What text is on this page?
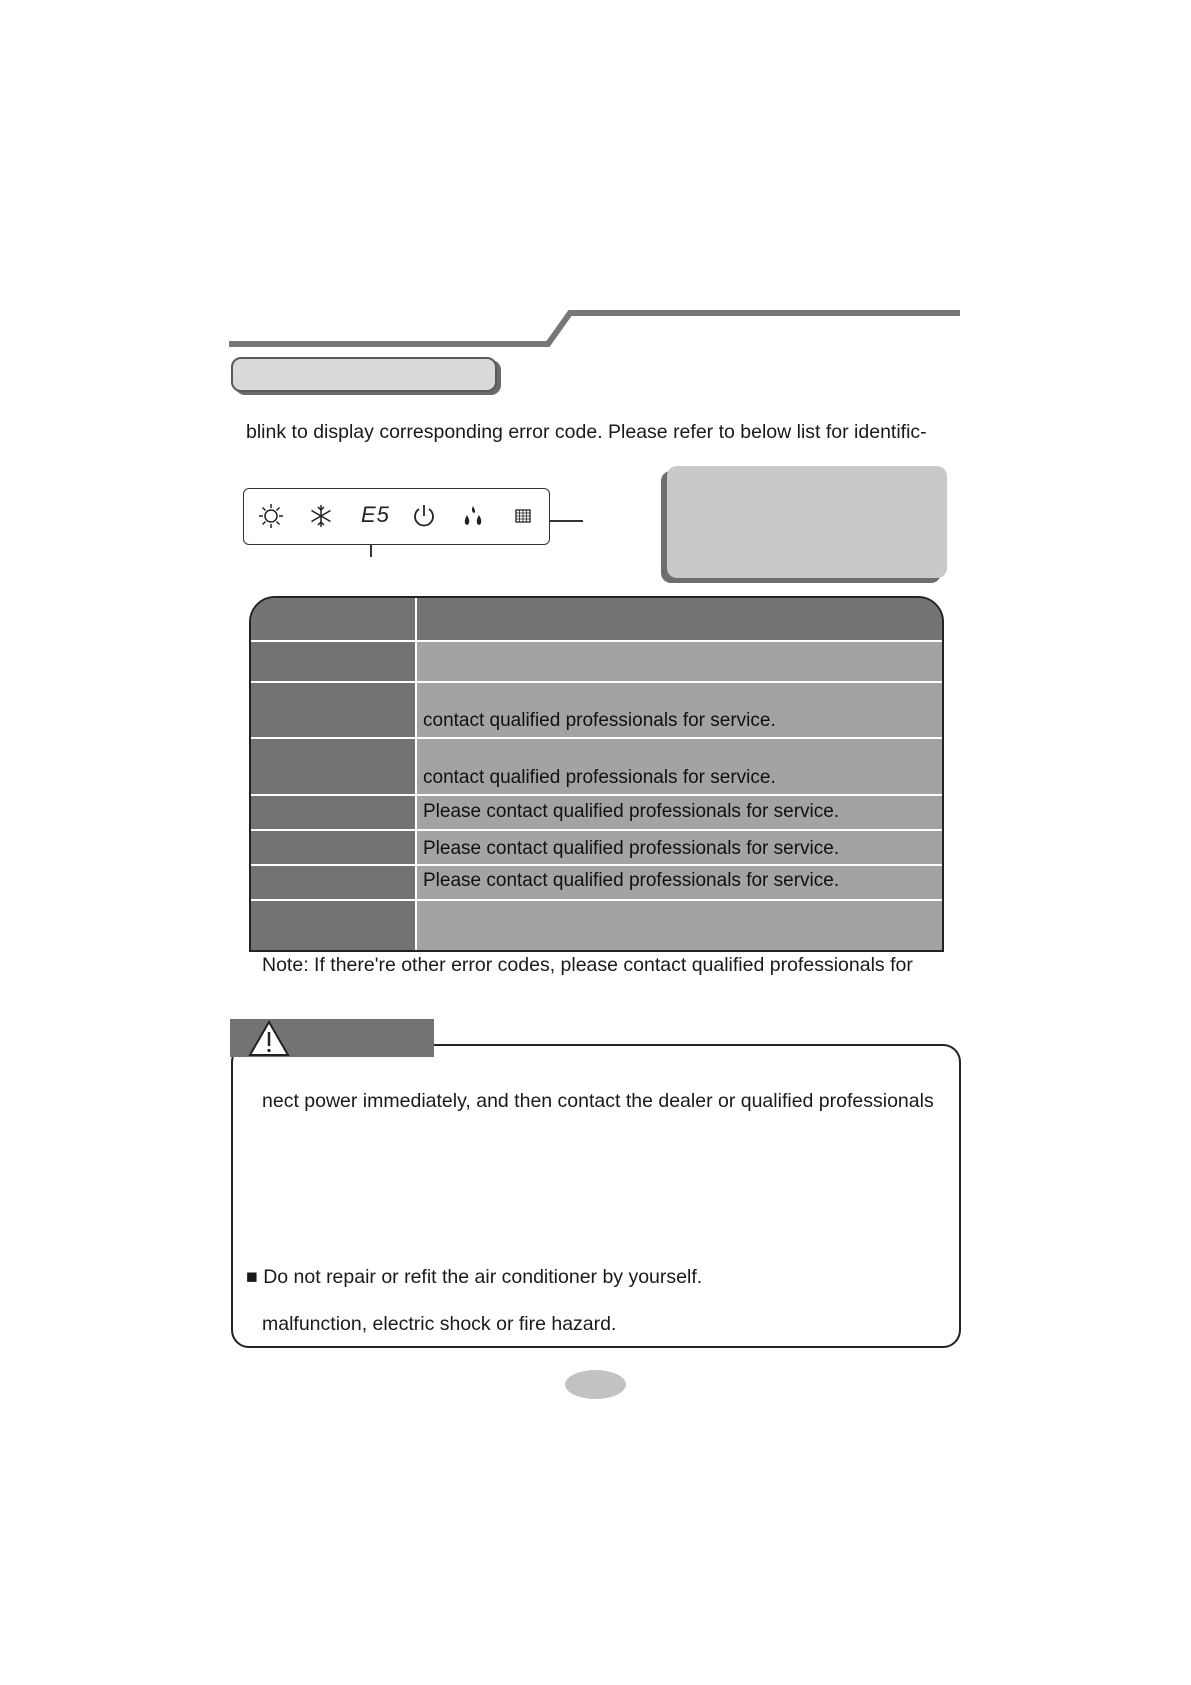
blink to display corresponding error code. Please refer to below list for identific-
E5
contact qualified professionals for service.
contact qualified professionals for service.
Please contact qualified professionals for service.
Please contact qualified professionals for service.
Please contact qualified professionals for service.
Note: If there're other error codes, please contact qualified professionals for
nect power immediately, and then contact the dealer or qualified professionals
■ Do not repair or refit the air conditioner by yourself.
malfunction, electric shock or fire hazard.
